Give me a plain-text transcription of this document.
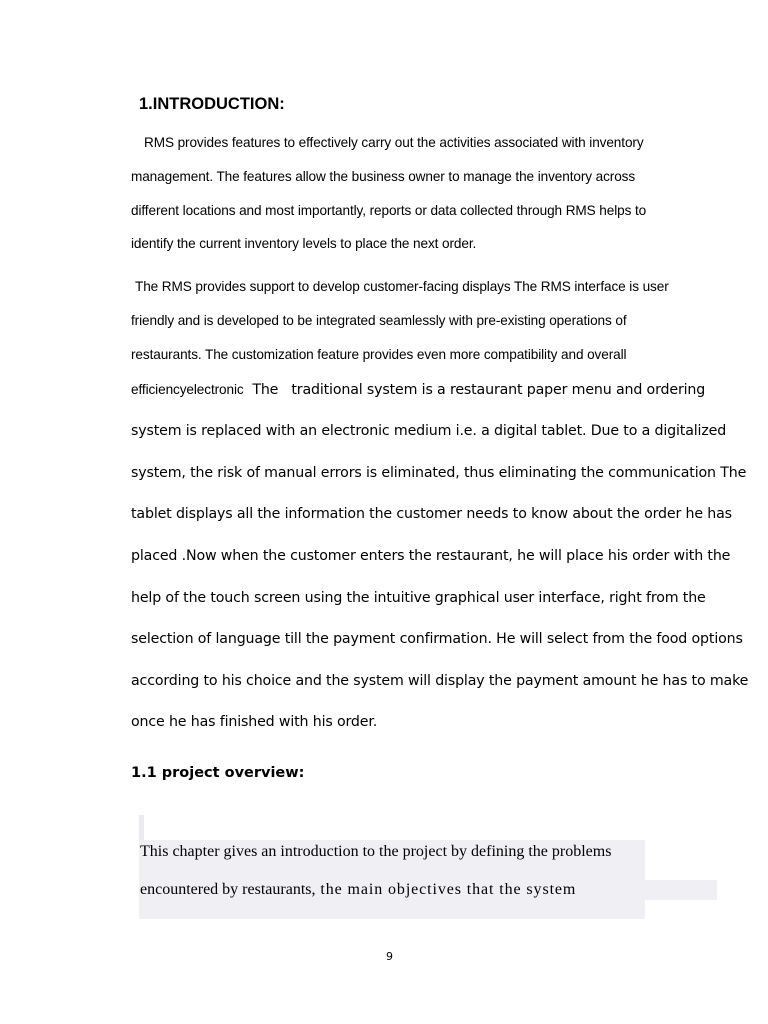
1.INTRODUCTION:
RMS provides features to effectively carry out the activities associated with inventory
management. The features allow the business owner to manage the inventory across
different locations and most importantly, reports or data collected through RMS helps to
identify the current inventory levels to place the next order.
The RMS provides support to develop customer-facing displays The RMS interface is user
friendly and is developed to be integrated seamlessly with pre-existing operations of
restaurants. The customization feature provides even more compatibility and overall
efficiencyelectronic  The   traditional system is a restaurant paper menu and ordering
system is replaced with an electronic medium i.e. a digital tablet. Due to a digitalized
system, the risk of manual errors is eliminated, thus eliminating the communication The
tablet displays all the information the customer needs to know about the order he has
placed .Now when the customer enters the restaurant, he will place his order with the
help of the touch screen using the intuitive graphical user interface, right from the
selection of language till the payment confirmation. He will select from the food options
according to his choice and the system will display the payment amount he has to make
once he has finished with his order.
1.1 project overview:
This chapter gives an introduction to the project by defining the problems
encountered by restaurants, the main objectives that the system
9
